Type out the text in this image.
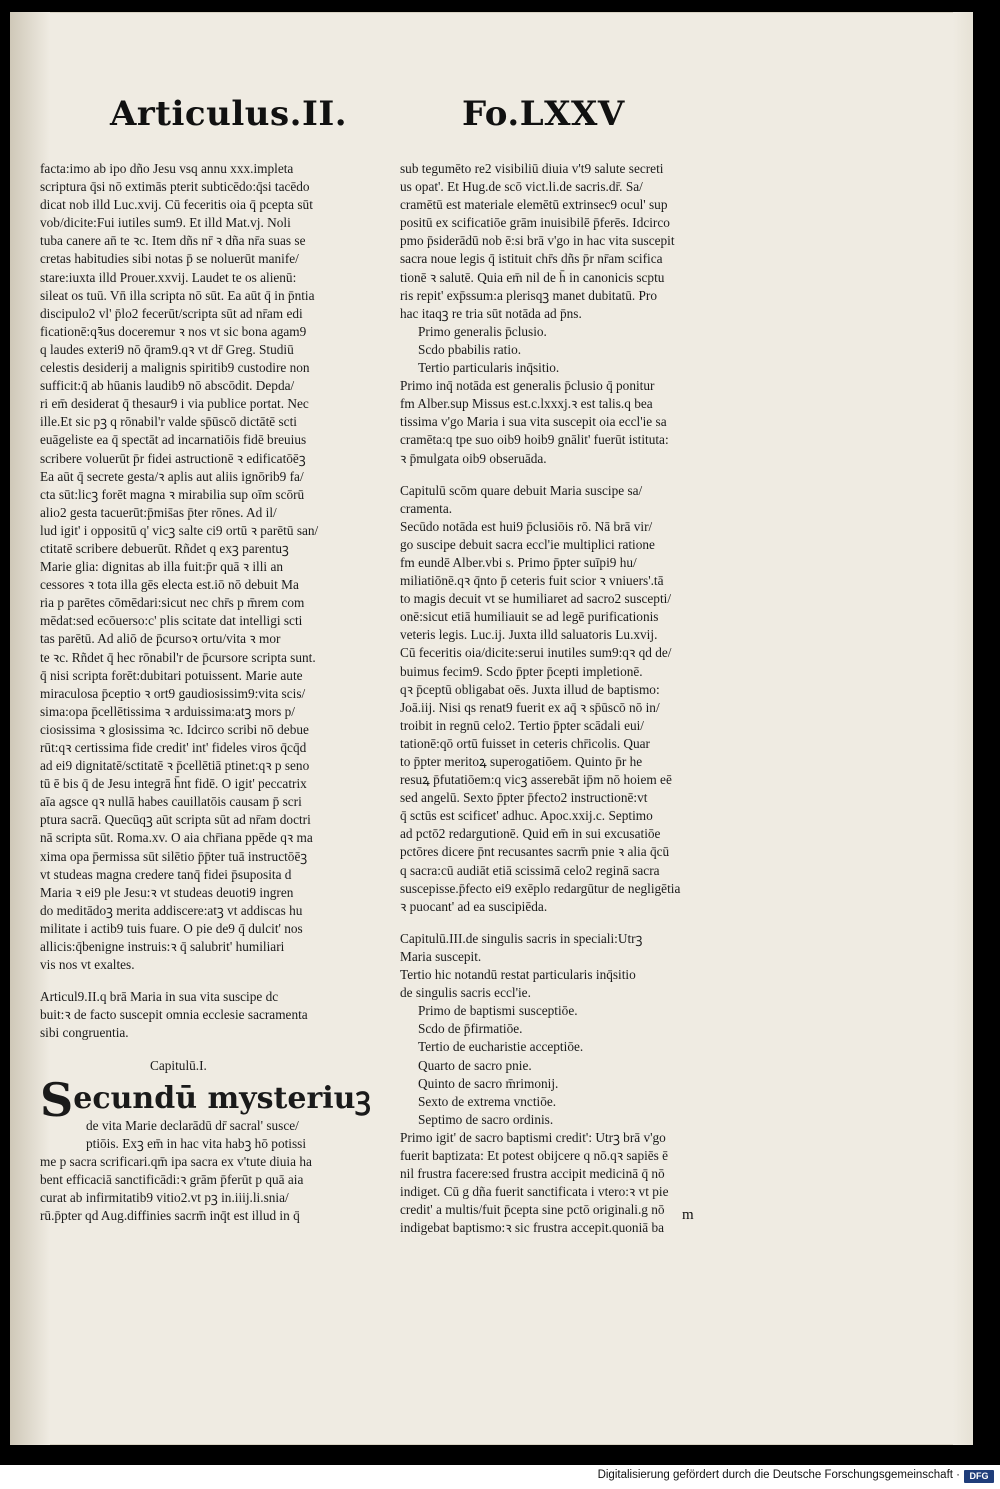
Articulus.II.	Fo.LXXV
facta:imo ab ipo dño Jesu vsq annu xxx.impleta
scriptura q̄si nō extimās pterit subticēdo:q̄si tacēdo
dicat nob illd Luc.xvij. Cū feceritis oia q̄ pcepta sūt
vob/dicite:Fui iutiles sum9. Et illd Mat.vj. Noli
tuba canere an̄ te ꝛc. Item dñs nr̄ ꝛ dña nr̄a suas se
cretas habitudies sibi notas p̄ se noluerūt manife/
stare:iuxta illd Prouer.xxvij. Laudet te os alienū:
sileat os tuū. Vn̄ illa scripta nō sūt. Ea aūt q̄ in p̄ntia
discipulo2 vl' p̄lo2 fecerūt/scripta sūt ad nr̄am edi
ficationē:qꝛ̄us doceremur ꝛ nos vt sic bona agam9
q laudes exteri9 nō q̄ram9.qꝛ vt dr̄ Greg. Studiū
celestis desiderij a malignis spiritib9 custodire non
sufficit:q̄ ab hūanis laudib9 nō abscōdit. Depda/
ri em̄ desiderat q̄ thesaur9 i via publice portat. Nec
ille.Et sic pꝫ q rōnabil'r valde sp̄ūscō dictātē scti
euāgeliste ea q̄ spectāt ad incarnatiōis fidē breuius
scribere voluerūt p̄r fidei astructionē ꝛ edificatōēꝫ
Ea aūt q̄ secrete gesta/ꝛ aplis aut aliis ignōrib9 fa/
cta sūt:licꝫ forēt magna ꝛ mirabilia sup oīm scōrū
alio2 gesta tacuerūt:p̄mis̄as p̄ter rōnes. Ad il/
lud igit' i oppositū q' vicꝫ salte ci9 ortū ꝛ parētū san/
ctitatē scribere debuerūt. Rñdet q exꝫ parentuꝫ
Marie glia: dignitas ab illa fuit:p̄r quā ꝛ illi an
cessores ꝛ tota illa gēs electa est.iō nō debuit Ma
ria p parētes cōmēdari:sicut nec chr̄s p m̄rem com
mēdat:sed ecōuerso:c' plis scitate dat intelligi scti
tas parētū. Ad aliō de p̄cursoꝛ ortu/vita ꝛ mor
te ꝛc. Rñdet q̄ hec rōnabil'r de p̄cursore scripta sunt.
q̄ nisi scripta forēt:dubitari potuissent. Marie aute
miraculosa p̄ceptio ꝛ ort9 gaudiosissim9:vita scis/
sima:opa p̄cellētissima ꝛ arduissima:atꝫ mors p/
ciosissima ꝛ glosissima ꝛc. Idcirco scribi nō debue
rūt:qꝛ certissima fide credit' int' fideles viros q̄cq̄d
ad ei9 dignitatē/sctitatē ꝛ p̄cellētiā ptinet:qꝛ p seno
tū ē bis q̄ de Jesu integrā h̄nt fidē. O igit' peccatrix
aīa agsce qꝛ nullā habes cauillatōis causam p̄ scri
ptura sacrā. Quecūqꝫ aūt scripta sūt ad nr̄am doctri
nā scripta sūt. Roma.xv. O aia chr̄iana ppēde qꝛ ma
xima opa p̄ermissa sūt silētio p̄p̄ter tuā instructōēꝫ
vt studeas magna credere tanq̄ fidei p̄suposita d
Maria ꝛ ei9 ple Jesu:ꝛ vt studeas deuoti9 ingren
do meditādoꝫ merita addiscere:atꝫ vt addiscas hu
militate i actib9 tuis fuare. O pie de9 q̄ dulcit' nos
allicis:q̄benigne instruis:ꝛ q̄ salubrit' humiliari
vis nos vt exaltes.
Articul9.II.q brā Maria in sua vita suscipe dc
buit:ꝛ de facto suscepit omnia ecclesie sacramenta
sibi congruentia.
Capitulū.I.
Secundū mysteriuꝫ
de vita Marie declarādū dr̄ sacral' susce/
ptiōis. Exꝫ em̄ in hac vita habꝫ hō potissi
me p sacra scrificari.qm̄ ipa sacra ex v'tute diuia ha
bent efficaciā sanctificādi:ꝛ grām p̄ferūt p quā aia
curat ab infirmitatib9 vitio2.vt pꝫ in.iiij.li.snia/
rū.p̄pter qd Aug.diffinies sacrm̄ inq̄t est illud in q̄
sub tegumēto re2 visibiliū diuia v't9 salute secreti
us opat'. Et Hug.de scō vict.li.de sacris.dr̄. Sa/
cramētū est materiale elemētū extrinsec9 ocul' sup
positū ex scificatiōe grām inuisibilē p̄ferēs. Idcirco
pmo p̄siderādū nob ē:si brā v'go in hac vita suscepit
sacra noue legis q̄ istituit chr̄s dñs p̄r nr̄am scifica
tionē ꝛ salutē. Quia em̄ nil de h̄ in canonicis scptu
ris repit' exp̄ssum:a plerisqꝫ manet dubitatū. Pro
hac itaqꝫ re tria sūt notāda ad p̄ns.
Primo generalis p̄clusio.
Scdo pbabilis ratio.
Tertio particularis inq̄sitio.
Primo inq̄ notāda est generalis p̄clusio q̄ ponitur
fm Alber.sup Missus est.c.lxxxj.ꝛ est talis.q bea
tissima v'go Maria i sua vita suscepit oia eccl'ie sa
cramēta:q tpe suo oib9 hoib9 gnālit' fuerūt istituta:
ꝛ p̄mulgata oib9 obseruāda.
Capitulū scōm quare debuit Maria suscipe sa/
cramenta.
Secūdo notāda est hui9 p̄clusiōis rō. Nā brā vir/
go suscipe debuit sacra eccl'ie multiplici ratione
fm eundē Alber.vbi s. Primo p̄pter suīpi9 hu/
miliatiōnē.qꝛ q̄nto p̄ ceteris fuit scior ꝛ vniuers'.tā
to magis decuit vt se humiliaret ad sacro2 suscepti/
onē:sicut etiā humiliauit se ad legē purificationis
veteris legis. Luc.ij. Juxta illd saluatoris Lu.xvij.
Cū feceritis oia/dicite:serui inutiles sum9:qꝛ qd de/
buimus fecim9. Scdo p̄pter p̄cepti impletionē.
qꝛ p̄ceptū obligabat oēs. Juxta illud de baptismo:
Joā.iij. Nisi qs renat9 fuerit ex aq̄ ꝛ sp̄ūscō nō in/
troibit in regnū celo2. Tertio p̄pter scādali eui/
tationē:qō ortū fuisset in ceteris chr̄icolis. Quar
to p̄pter meritoꝝ superogatiōem. Quinto p̄r he
resuꝝ p̄futatiōem:q vicꝫ asserebāt ip̄m nō hoiem eē
sed angelū. Sexto p̄pter p̄fecto2 instructionē:vt
q̄ sctūs est scificet' adhuc. Apoc.xxij.c. Septimo
ad pctō2 redargutionē. Quid em̄ in sui excusatiōe
pctōres dicere p̄nt recusantes sacrm̄ pnie ꝛ alia q̄cū
q sacra:cū audiāt etiā scissimā celo2 reginā sacra
suscepisse.p̄fecto ei9 exēplo redargūtur de negligētia
ꝛ puocant' ad ea suscipiēda.
Capitulū.III.de singulis sacris in speciali:Utrꝫ
Maria suscepit.
Tertio hic notandū restat particularis inq̄sitio
de singulis sacris eccl'ie.
Primo de baptismi susceptiōe.
Scdo de p̄firmatiōe.
Tertio de eucharistie acceptiōe.
Quarto de sacro pnie.
Quinto de sacro m̄rimonij.
Sexto de extrema vnctiōe.
Septimo de sacro ordinis.
Primo igit' de sacro baptismi credit': Utrꝫ brā v'go
fuerit baptizata: Et potest obijcere q nō.qꝛ sapiēs ē
nil frustra facere:sed frustra accipit medicinā q̄ nō
indiget. Cū g dña fuerit sanctificata i vtero:ꝛ vt pie
credit' a multis/fuit p̄cepta sine pctō originali.g nō
indigebat baptismo:ꝛ sic frustra accepit.quoniā ba
m
Digitalisierung gefördert durch die Deutsche Forschungsgemeinschaft ·	DFG
